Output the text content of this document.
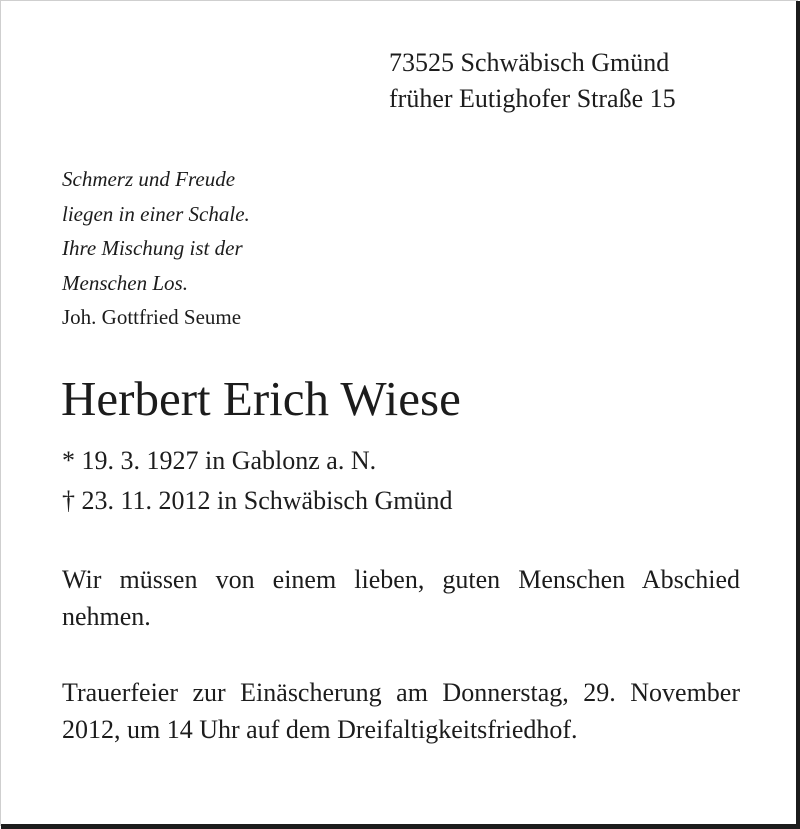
73525 Schwäbisch Gmünd
früher Eutighofer Straße 15
Schmerz und Freude
liegen in einer Schale.
Ihre Mischung ist der
Menschen Los.
Joh. Gottfried Seume
Herbert Erich Wiese
* 19. 3. 1927 in Gablonz a. N.
† 23. 11. 2012 in Schwäbisch Gmünd
Wir müssen von einem lieben, guten Menschen Abschied nehmen.
Trauerfeier zur Einäscherung am Donnerstag, 29. November 2012, um 14 Uhr auf dem Dreifaltigkeitsfriedhof.
